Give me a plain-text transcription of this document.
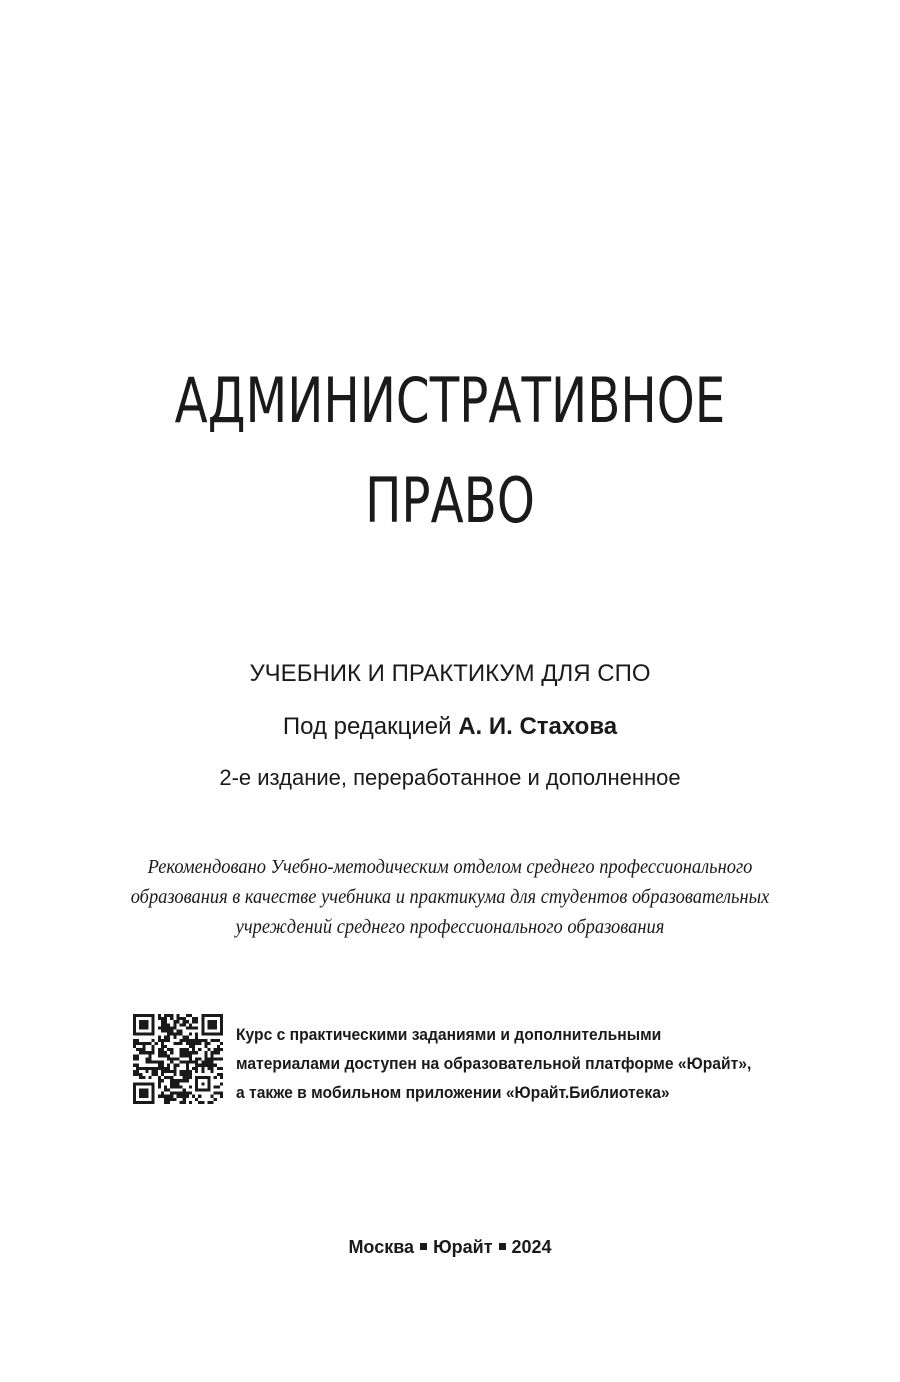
АДМИНИСТРАТИВНОЕ
ПРАВО
УЧЕБНИК И ПРАКТИКУМ ДЛЯ СПО
Под редакцией А. И. Стахова
2-е издание, переработанное и дополненное
Рекомендовано Учебно-методическим отделом среднего профессионального
образования в качестве учебника и практикума для студентов образовательных
учреждений среднего профессионального образования
Курс с практическими заданиями и дополнительными
материалами доступен на образовательной платформе «Юрайт»,
а также в мобильном приложении «Юрайт.Библиотека»
Москва Юрайт 2024
